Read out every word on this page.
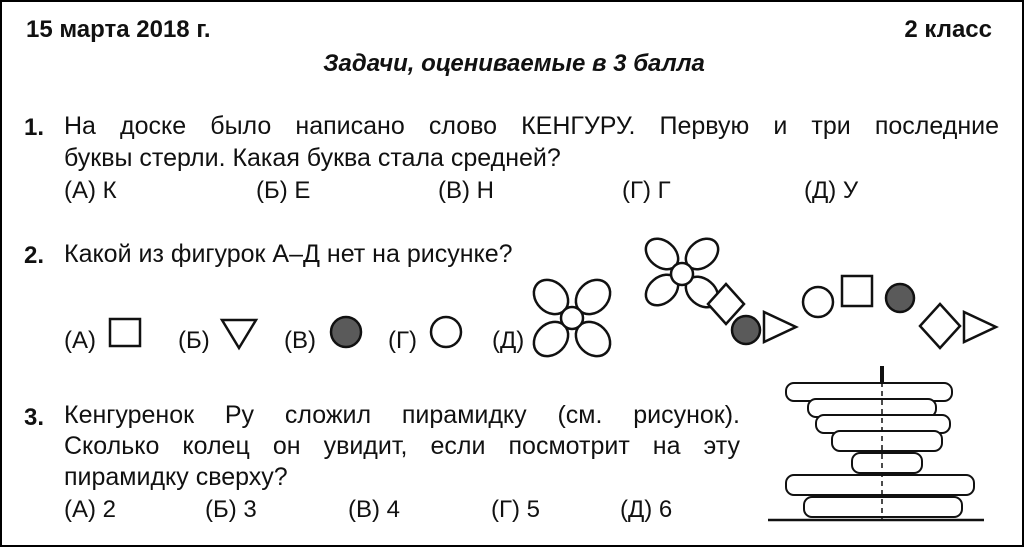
15 марта 2018 г.	2 класс
Задачи, оцениваемые в 3 балла
1. На доске было написано слово КЕНГУРУ. Первую и три последние
буквы стерли. Какая буква стала средней?
(А) К	(Б) Е	(В) Н	(Г) Г	(Д) У
2. Какой из фигурок А–Д нет на рисунке?
(А)	(Б)	(В)	(Г)	(Д)
3. Кенгуренок Ру сложил пирамидку (см. рисунок).
Сколько колец он увидит, если посмотрит на эту
пирамидку сверху?
(А) 2	(Б) 3	(В) 4	(Г) 5	(Д) 6
